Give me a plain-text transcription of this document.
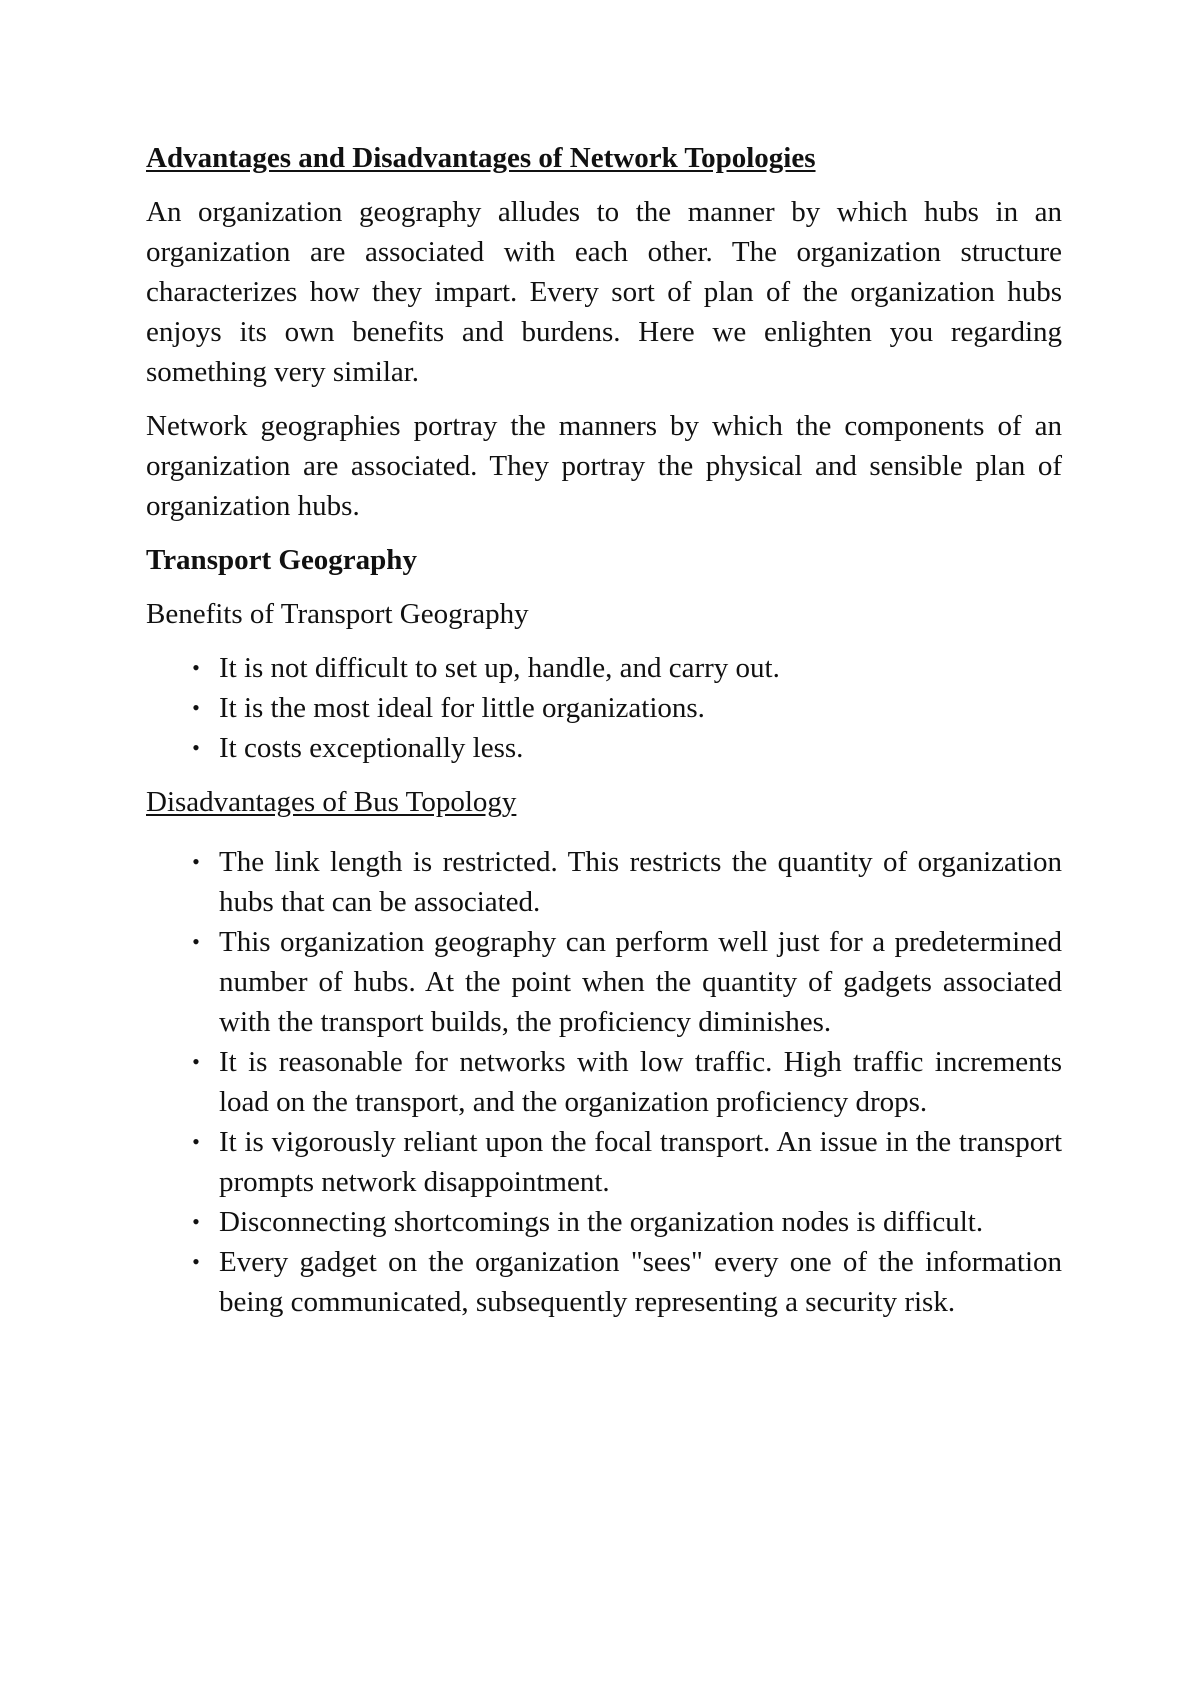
Advantages and Disadvantages of Network Topologies

An organization geography alludes to the manner by which hubs in an organization are associated with each other. The organization structure characterizes how they impart. Every sort of plan of the organization hubs enjoys its own benefits and burdens. Here we enlighten you regarding something very similar.

Network geographies portray the manners by which the components of an organization are associated. They portray the physical and sensible plan of organization hubs.

Transport Geography
Benefits of Transport Geography
• It is not difficult to set up, handle, and carry out.
• It is the most ideal for little organizations.
• It costs exceptionally less.
Disadvantages of Bus Topology
• The link length is restricted. This restricts the quantity of organization hubs that can be associated.
• This organization geography can perform well just for a predetermined number of hubs. At the point when the quantity of gadgets associated with the transport builds, the proficiency diminishes.
• It is reasonable for networks with low traffic. High traffic increments load on the transport, and the organization proficiency drops.
• It is vigorously reliant upon the focal transport. An issue in the transport prompts network disappointment.
• Disconnecting shortcomings in the organization nodes is difficult.
• Every gadget on the organization "sees" every one of the information being communicated, subsequently representing a security risk.
